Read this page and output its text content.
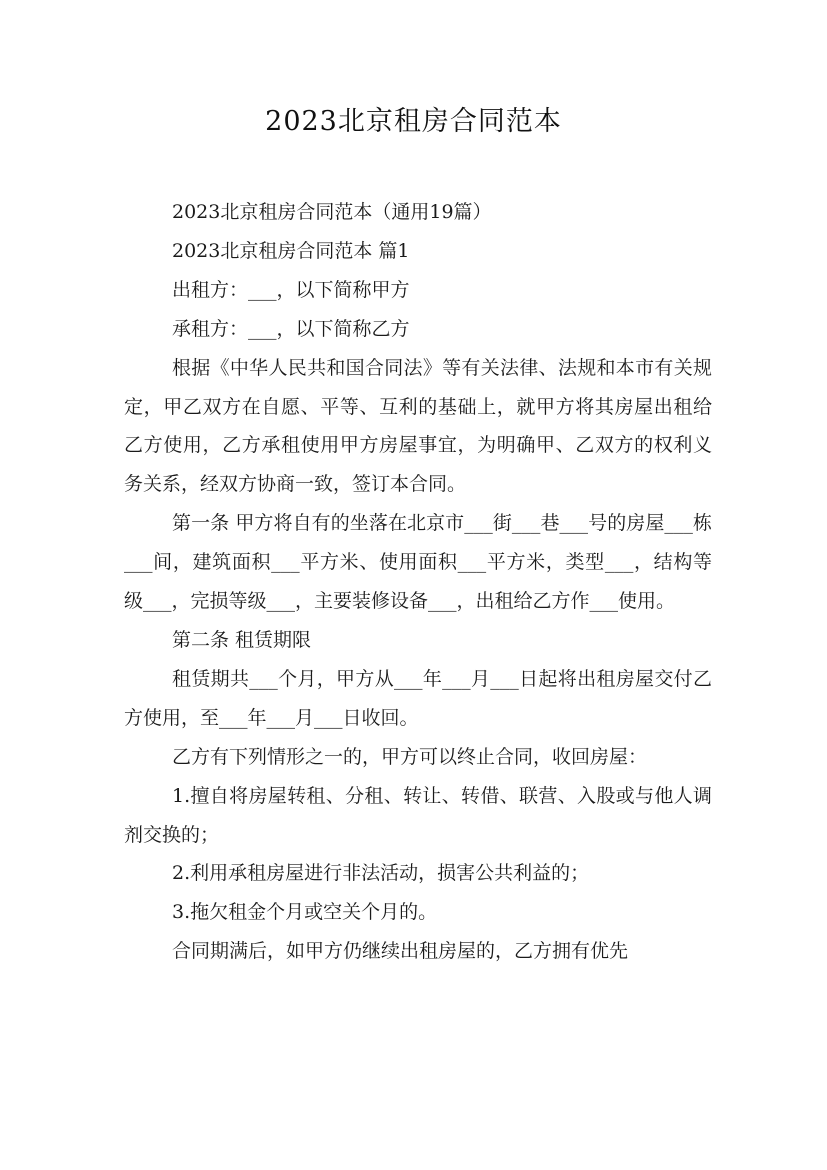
2023北京租房合同范本

2023北京租房合同范本（通用19篇）

2023北京租房合同范本 篇1

出租方：___，以下简称甲方

承租方：___，以下简称乙方

根据《中华人民共和国合同法》等有关法律、法规和本市有关规定，甲乙双方在自愿、平等、互利的基础上，就甲方将其房屋出租给乙方使用，乙方承租使用甲方房屋事宜，为明确甲、乙双方的权利义务关系，经双方协商一致，签订本合同。

第一条 甲方将自有的坐落在北京市___街___巷___号的房屋___栋___间，建筑面积___平方米、使用面积___平方米，类型___，结构等级___，完损等级___，主要装修设备___，出租给乙方作___使用。

第二条 租赁期限

租赁期共___个月，甲方从___年___月___日起将出租房屋交付乙方使用，至___年___月___日收回。

乙方有下列情形之一的，甲方可以终止合同，收回房屋：

1.擅自将房屋转租、分租、转让、转借、联营、入股或与他人调剂交换的；

2.利用承租房屋进行非法活动，损害公共利益的；

3.拖欠租金个月或空关个月的。

合同期满后，如甲方仍继续出租房屋的，乙方拥有优先
